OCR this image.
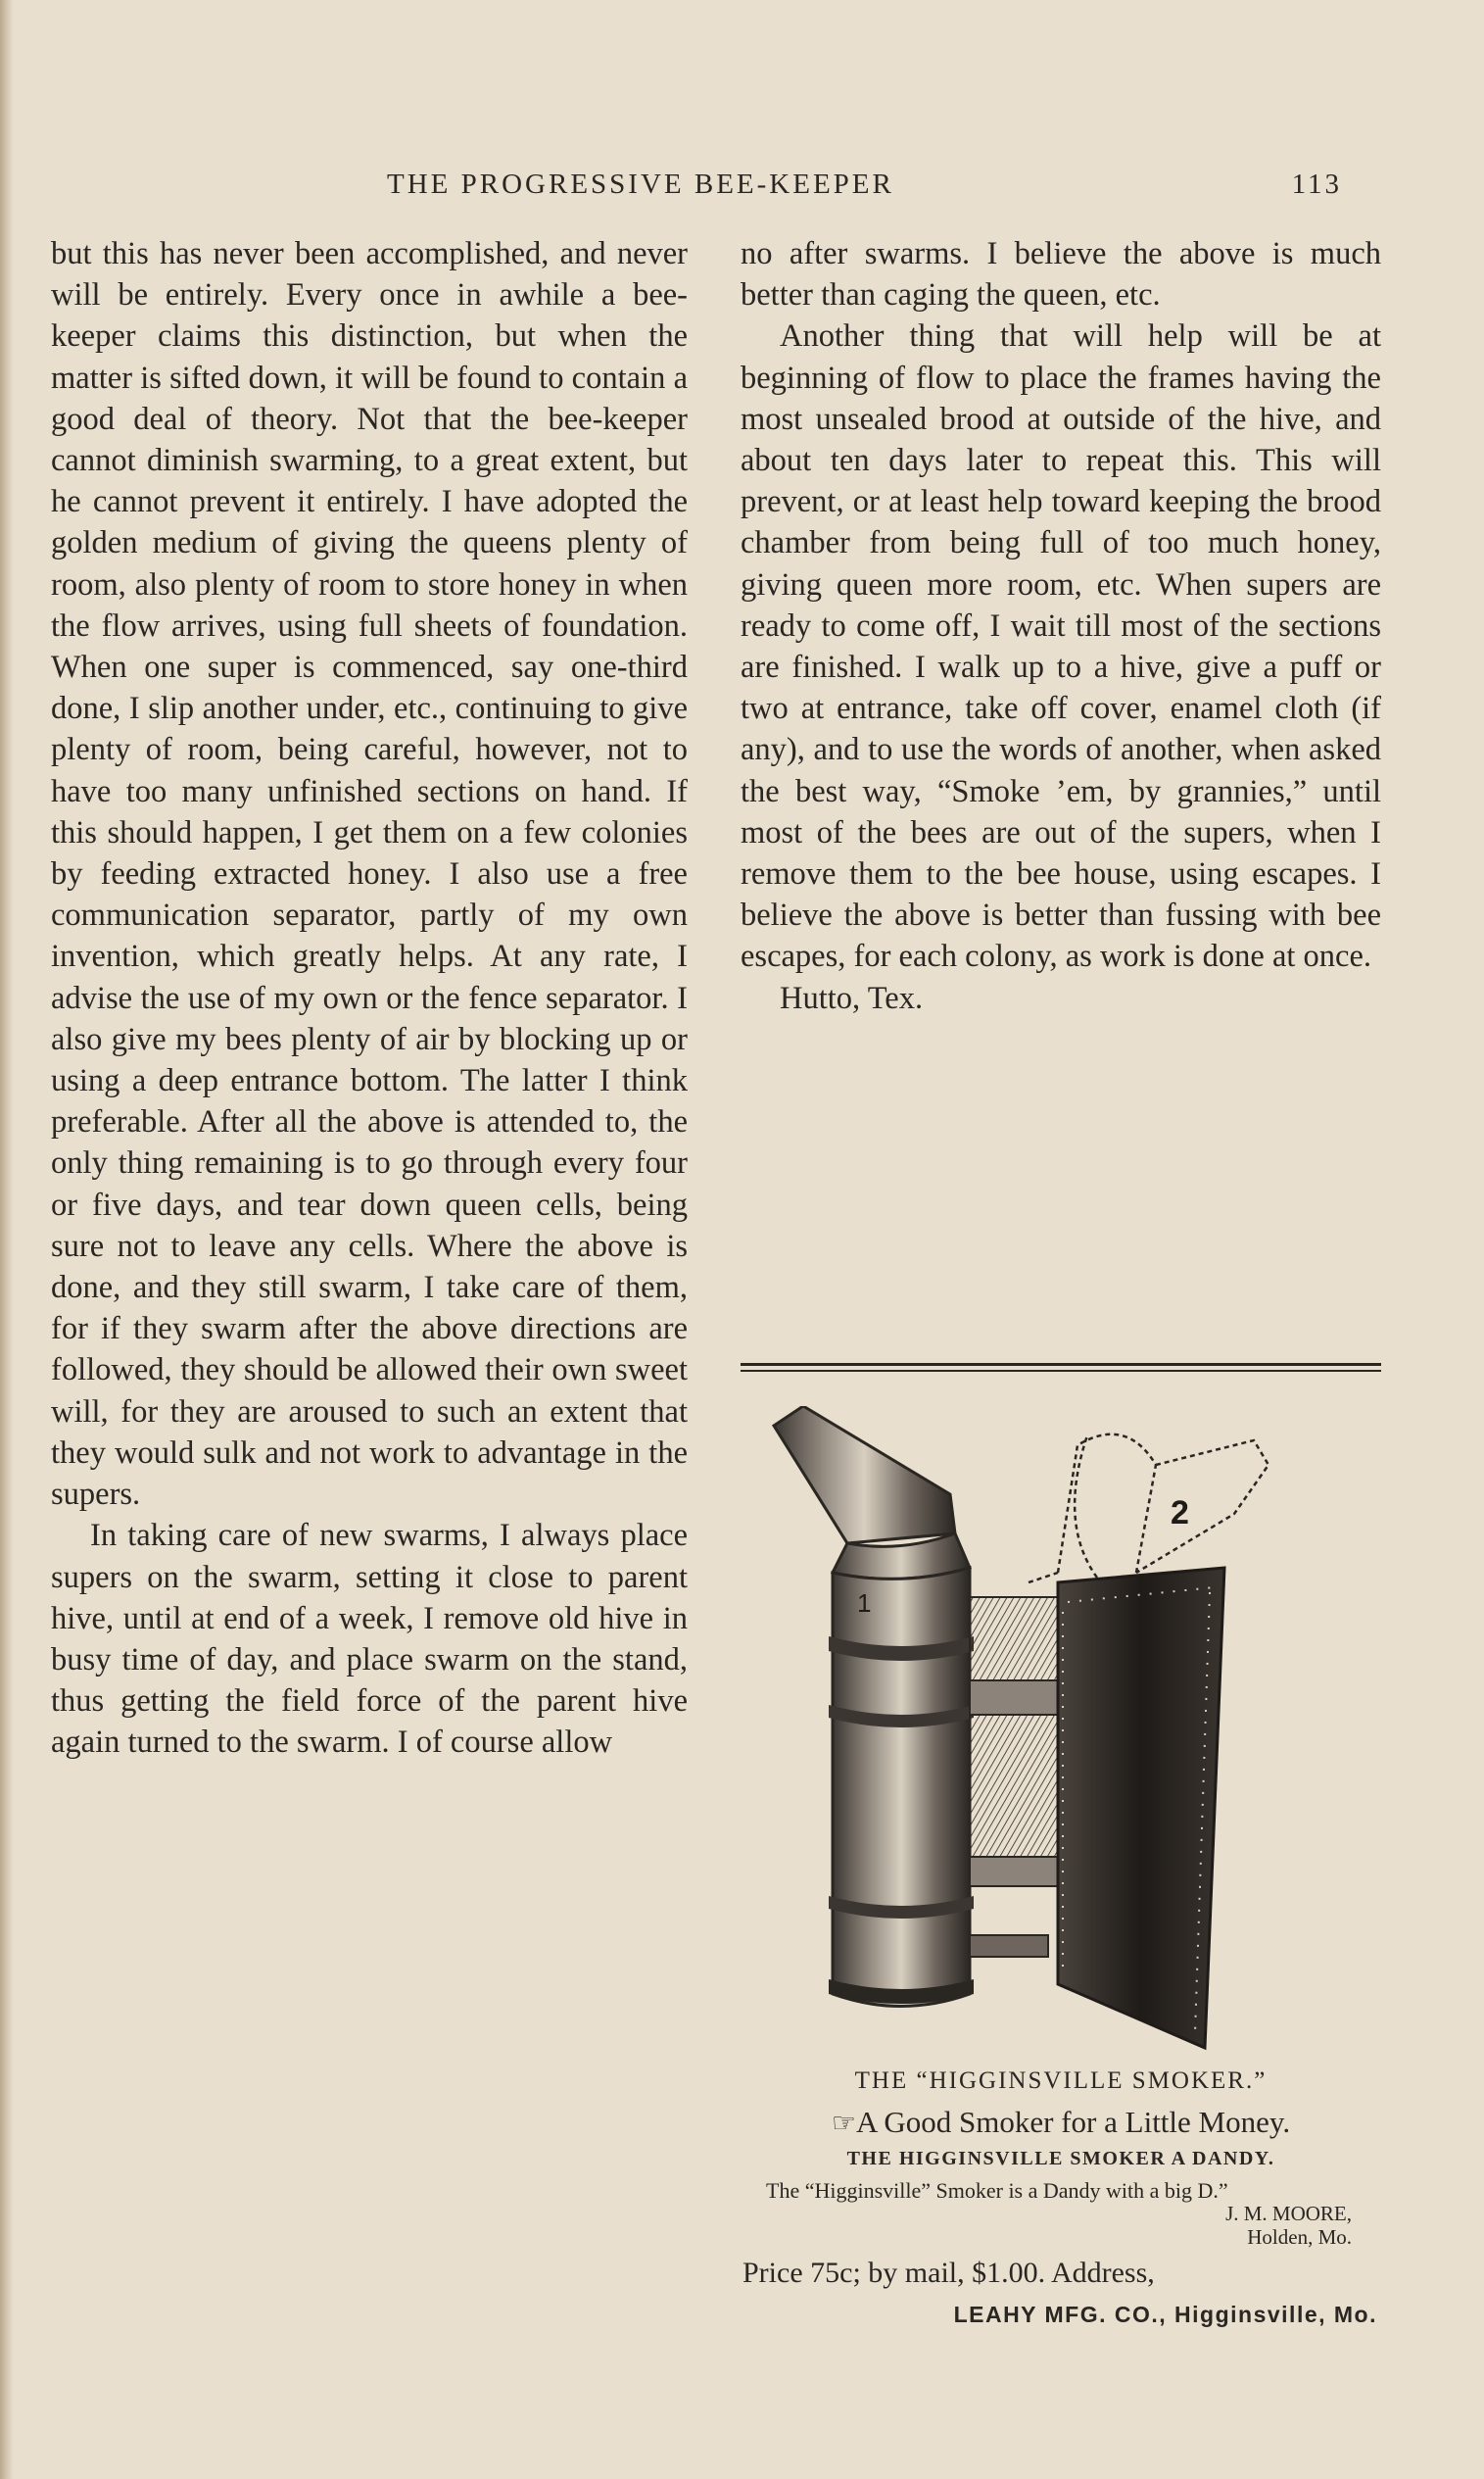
THE PROGRESSIVE BEE-KEEPER	113

but this has never been accomplished, and never will be entirely. Every once in awhile a bee-keeper claims this distinction, but when the matter is sifted down, it will be found to contain a good deal of theory. Not that the bee-keeper cannot diminish swarming, to a great extent, but he cannot prevent it entirely. I have adopted the golden medium of giving the queens plenty of room, also plenty of room to store honey in when the flow arrives, using full sheets of foundation. When one super is commenced, say one-third done, I slip another under, etc., continuing to give plenty of room, being careful, however, not to have too many unfinished sections on hand. If this should happen, I get them on a few colonies by feeding extracted honey. I also use a free communication separator, partly of my own invention, which greatly helps. At any rate, I advise the use of my own or the fence separator. I also give my bees plenty of air by blocking up or using a deep entrance bottom. The latter I think preferable. After all the above is attended to, the only thing remaining is to go through every four or five days, and tear down queen cells, being sure not to leave any cells. Where the above is done, and they still swarm, I take care of them, for if they swarm after the above directions are followed, they should be allowed their own sweet will, for they are aroused to such an extent that they would sulk and not work to advantage in the supers.

In taking care of new swarms, I always place supers on the swarm, setting it close to parent hive, until at end of a week, I remove old hive in busy time of day, and place swarm on the stand, thus getting the field force of the parent hive again turned to the swarm. I of course allow

no after swarms. I believe the above is much better than caging the queen, etc.

Another thing that will help will be at beginning of flow to place the frames having the most unsealed brood at outside of the hive, and about ten days later to repeat this. This will prevent, or at least help toward keeping the brood chamber from being full of too much honey, giving queen more room, etc. When supers are ready to come off, I wait till most of the sections are finished. I walk up to a hive, give a puff or two at entrance, take off cover, enamel cloth (if any), and to use the words of another, when asked the best way, “Smoke ’em, by grannies,” until most of the bees are out of the supers, when I remove them to the bee house, using escapes. I believe the above is better than fussing with bee escapes, for each colony, as work is done at once.

Hutto, Tex.

1
2
THE “HIGGINSVILLE SMOKER.”
☞A Good Smoker for a Little Money.
THE HIGGINSVILLE SMOKER A DANDY.
The “Higginsville” Smoker is a Dandy with a big D.”
J. M. MOORE,
Holden, Mo.
Price 75c; by mail, $1.00. Address,
LEAHY MFG. CO., Higginsville, Mo.
